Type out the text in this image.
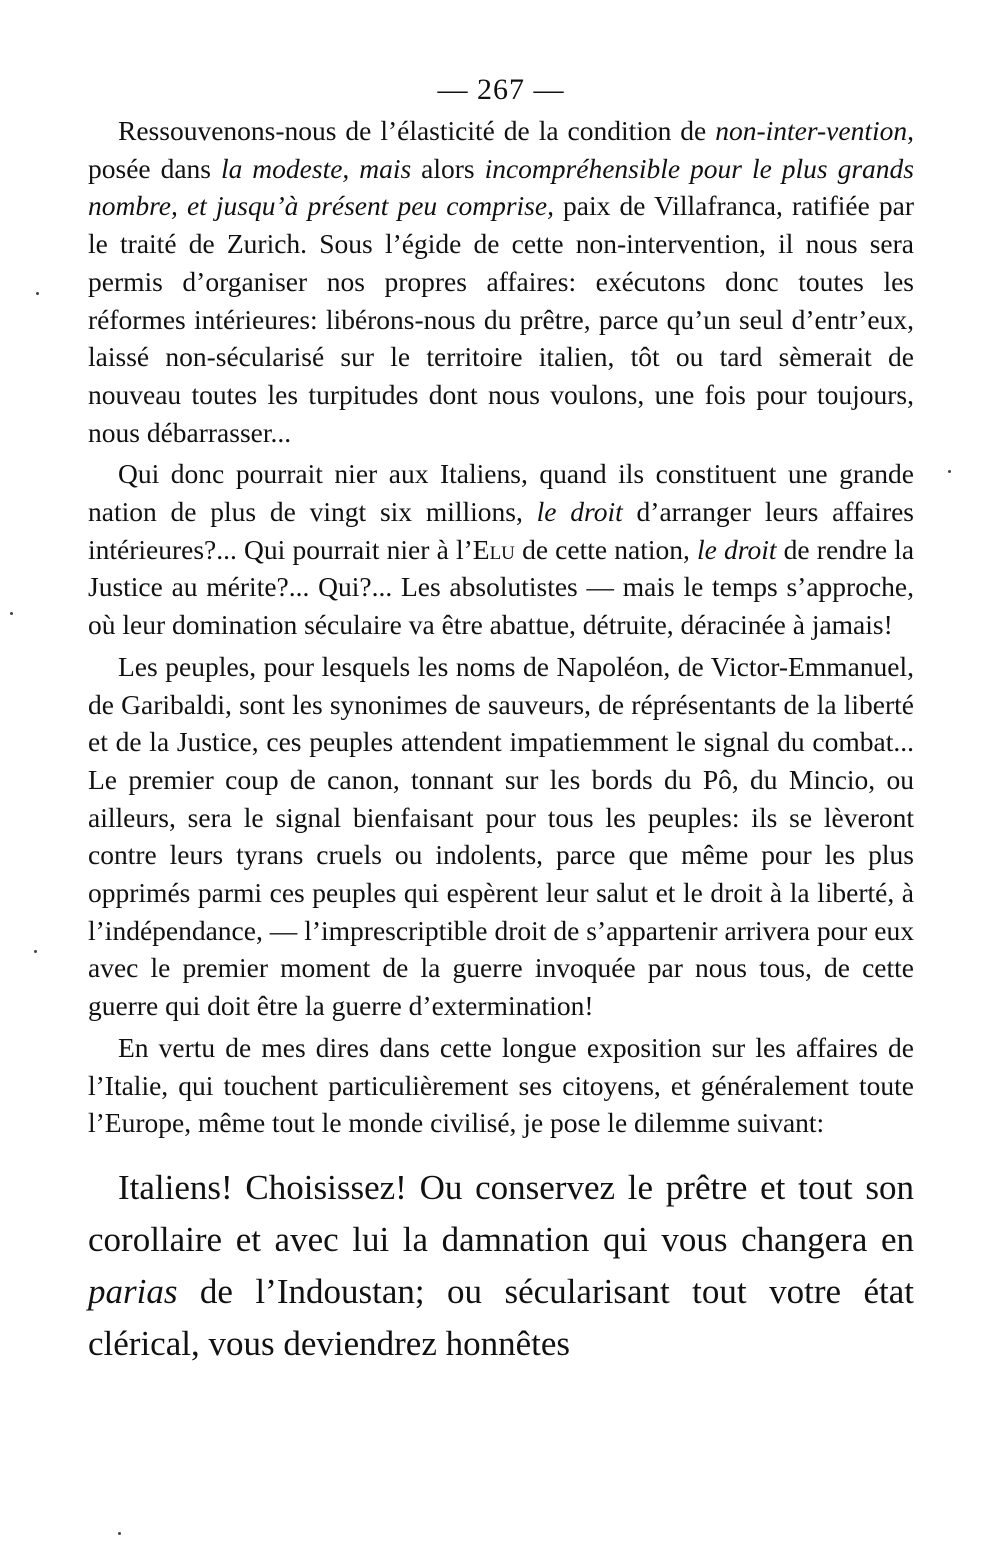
— 267 —

Ressouvenons-nous de l’élasticité de la condition de non-inter-vention, posée dans la modeste, mais alors incompréhensible pour le plus grands nombre, et jusqu’à présent peu comprise, paix de Villafranca, ratifiée par le traité de Zurich. Sous l’égide de cette non-intervention, il nous sera permis d’organiser nos propres affaires: exécutons donc toutes les réformes intérieures: libérons-nous du prêtre, parce qu’un seul d’entr’eux, laissé non-sécularisé sur le territoire italien, tôt ou tard sèmerait de nouveau toutes les turpitudes dont nous voulons, une fois pour toujours, nous débarrasser...

Qui donc pourrait nier aux Italiens, quand ils constituent une grande nation de plus de vingt six millions, le droit d’arranger leurs affaires intérieures?... Qui pourrait nier à l’Elu de cette nation, le droit de rendre la Justice au mérite?... Qui?... Les absolutistes — mais le temps s’approche, où leur domination séculaire va être abattue, détruite, déracinée à jamais!

Les peuples, pour lesquels les noms de Napoléon, de Victor-Emmanuel, de Garibaldi, sont les synonimes de sauveurs, de réprésentants de la liberté et de la Justice, ces peuples attendent impatiemment le signal du combat... Le premier coup de canon, tonnant sur les bords du Pô, du Mincio, ou ailleurs, sera le signal bienfaisant pour tous les peuples: ils se lèveront contre leurs tyrans cruels ou indolents, parce que même pour les plus opprimés parmi ces peuples qui espèrent leur salut et le droit à la liberté, à l’indépendance, — l’imprescriptible droit de s’appartenir arrivera pour eux avec le premier moment de la guerre invoquée par nous tous, de cette guerre qui doit être la guerre d’extermination!

En vertu de mes dires dans cette longue exposition sur les affaires de l’Italie, qui touchent particulièrement ses citoyens, et généralement toute l’Europe, même tout le monde civilisé, je pose le dilemme suivant:

Italiens! Choisissez! Ou conservez le prêtre et tout son corollaire et avec lui la damnation qui vous changera en parias de l’Indoustan; ou sécularisant tout votre état clérical, vous deviendrez honnêtes
